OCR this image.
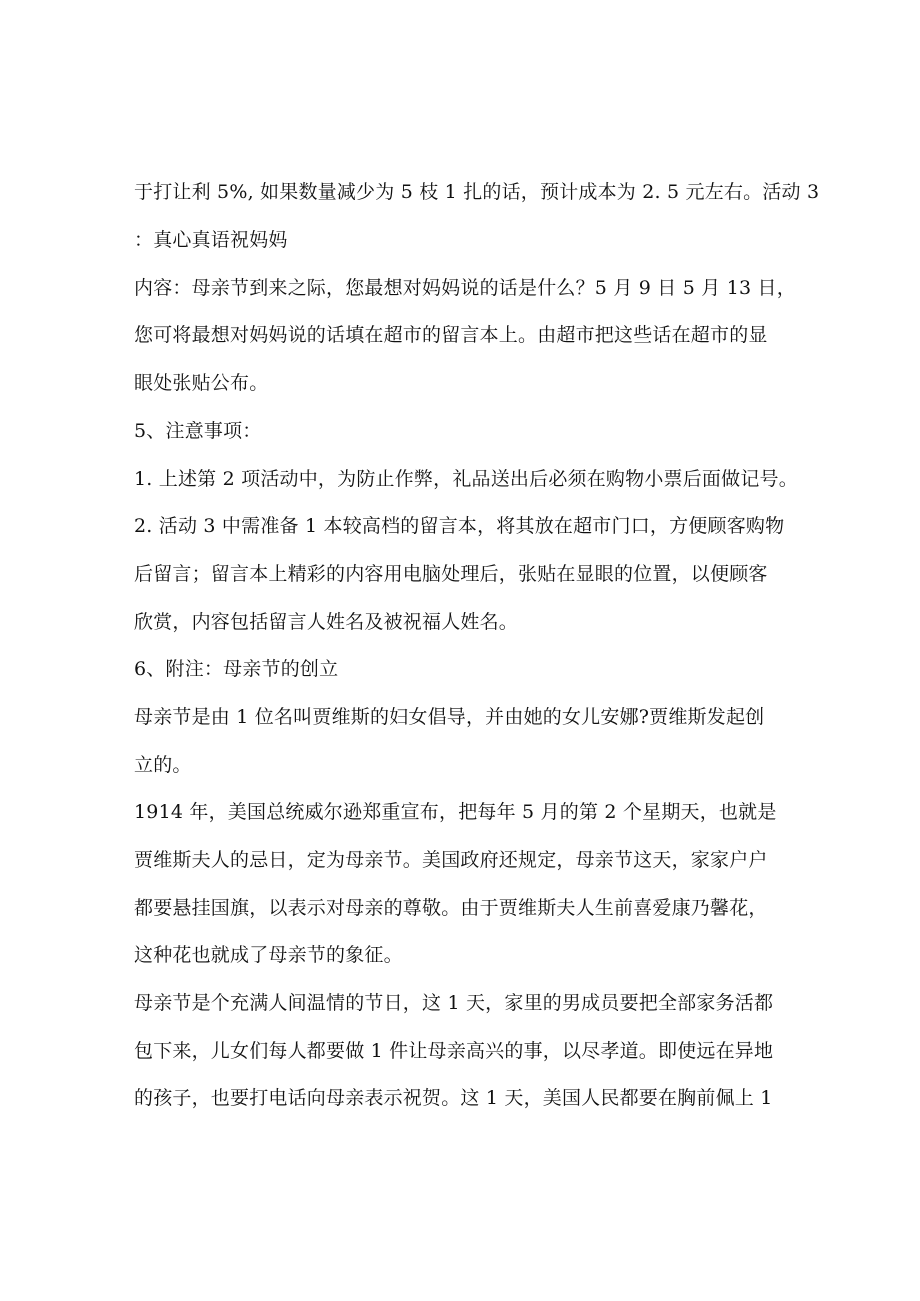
于打让利 5%, 如果数量减少为 5 枝 1 扎的话，预计成本为 2. 5 元左右。活动 3
：真心真语祝妈妈
内容：母亲节到来之际，您最想对妈妈说的话是什么？5 月 9 日 5 月 13 日，
您可将最想对妈妈说的话填在超市的留言本上。由超市把这些话在超市的显
眼处张贴公布。
5、注意事项：
1. 上述第 2 项活动中，为防止作弊，礼品送出后必须在购物小票后面做记号。
2. 活动 3 中需准备 1 本较高档的留言本，将其放在超市门口，方便顾客购物
后留言；留言本上精彩的内容用电脑处理后，张贴在显眼的位置，以便顾客
欣赏，内容包括留言人姓名及被祝福人姓名。
6、附注：母亲节的创立
母亲节是由 1 位名叫贾维斯的妇女倡导，并由她的女儿安娜?贾维斯发起创
立的。
1914 年，美国总统威尔逊郑重宣布，把每年 5 月的第 2 个星期天，也就是
贾维斯夫人的忌日，定为母亲节。美国政府还规定，母亲节这天，家家户户
都要悬挂国旗，以表示对母亲的尊敬。由于贾维斯夫人生前喜爱康乃馨花，
这种花也就成了母亲节的象征。
母亲节是个充满人间温情的节日，这 1 天，家里的男成员要把全部家务活都
包下来，儿女们每人都要做 1 件让母亲高兴的事，以尽孝道。即使远在异地
的孩子，也要打电话向母亲表示祝贺。这 1 天，美国人民都要在胸前佩上 1
